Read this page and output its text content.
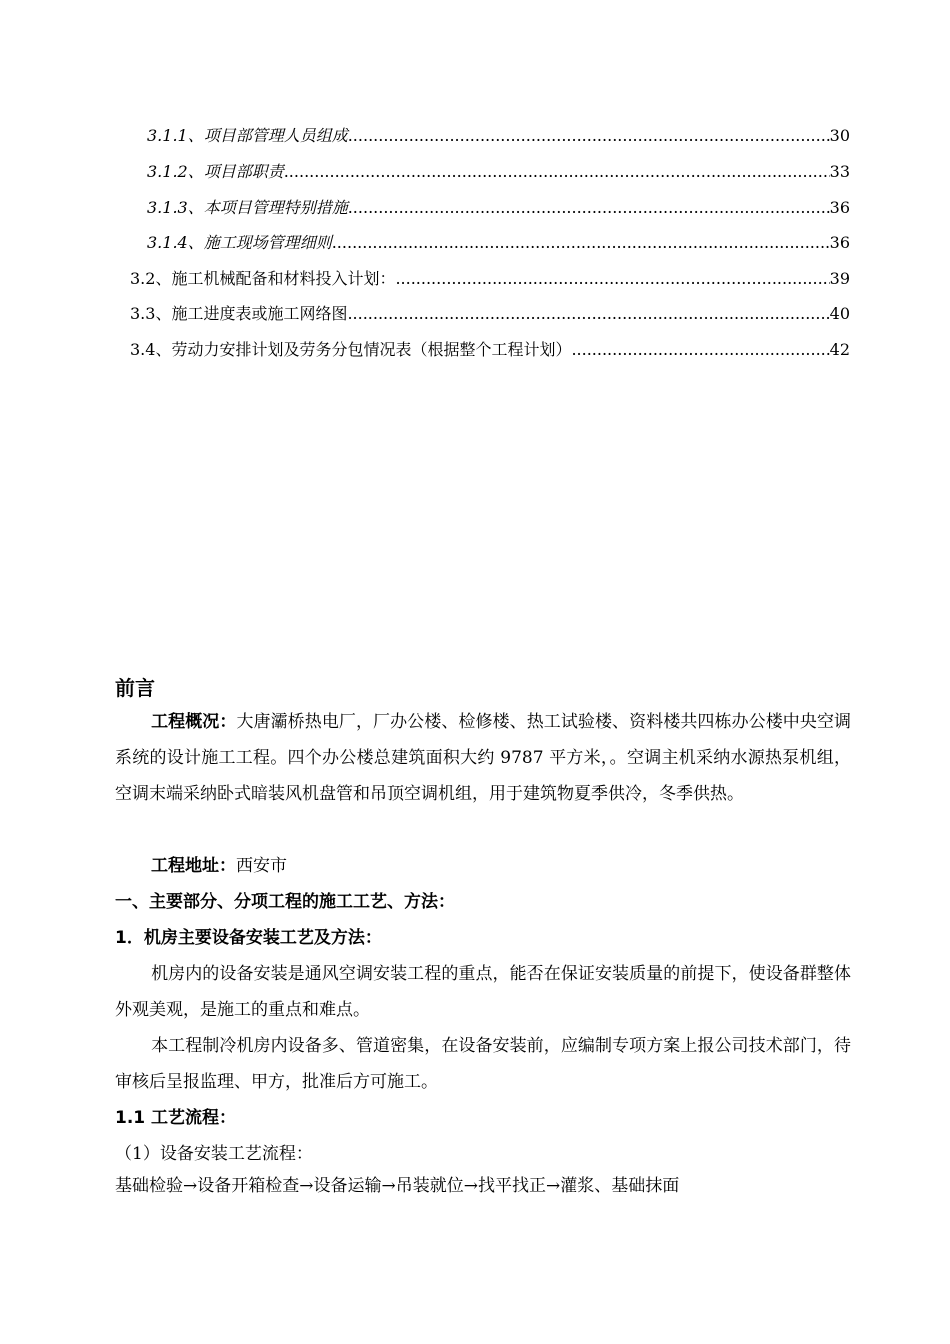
3.1.1、项目部管理人员组成 .....	30
3.1.2、项目部职责 .....	33
3.1.3、本项目管理特别措施 .....	36
3.1.4、施工现场管理细则 .....	36
3.2、施工机械配备和材料投入计划： .....	39
3.3、施工进度表或施工网络图 .....	40
3.4、劳动力安排计划及劳务分包情况表（根据整个工程计划） .....	42
前言
工程概况：大唐灞桥热电厂，厂办公楼、检修楼、热工试验楼、资料楼共四栋办公楼中央空调系统的设计施工工程。四个办公楼总建筑面积大约 9787 平方米，。空调主机采纳水源热泵机组，空调末端采纳卧式暗装风机盘管和吊顶空调机组，用于建筑物夏季供冷，冬季供热。
工程地址：西安市
一、主要部分、分项工程的施工工艺、方法：
1．机房主要设备安装工艺及方法：
机房内的设备安装是通风空调安装工程的重点，能否在保证安装质量的前提下，使设备群整体外观美观，是施工的重点和难点。
本工程制冷机房内设备多、管道密集，在设备安装前，应编制专项方案上报公司技术部门，待审核后呈报监理、甲方，批准后方可施工。
1.1 工艺流程：
（1）设备安装工艺流程：
基础检验→设备开箱检查→设备运输→吊装就位→找平找正→灌浆、基础抹面
